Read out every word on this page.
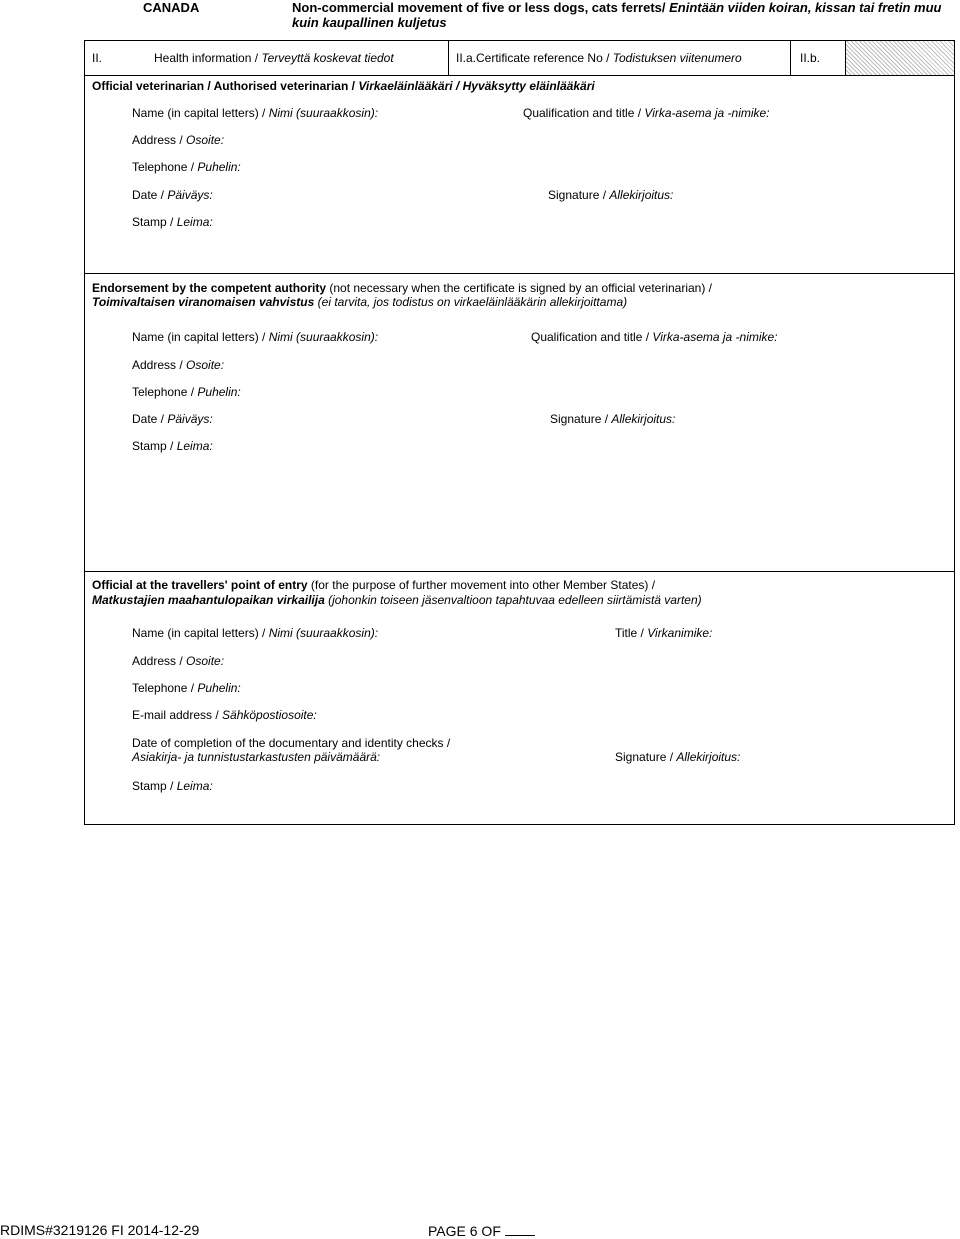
CANADA	Non-commercial movement of five or less dogs, cats ferrets/ Enintään viiden koiran, kissan tai fretin muu
kuin kaupallinen kuljetus
II.	Health information / Terveyttä koskevat tiedot	II.a.Certificate reference No / Todistuksen viitenumero	II.b.
Official veterinarian / Authorised veterinarian / Virkaeläinlääkäri / Hyväksytty eläinlääkäri
Name (in capital letters) / Nimi (suuraakkosin):	Qualification and title / Virka-asema ja -nimike:
Address / Osoite:
Telephone / Puhelin:
Date / Päiväys:	Signature / Allekirjoitus:
Stamp / Leima:
Endorsement by the competent authority (not necessary when the certificate is signed by an official veterinarian) /
Toimivaltaisen viranomaisen vahvistus (ei tarvita, jos todistus on virkaeläinlääkärin allekirjoittama)
Name (in capital letters) / Nimi (suuraakkosin):	Qualification and title / Virka-asema ja -nimike:
Address / Osoite:
Telephone / Puhelin:
Date / Päiväys:	Signature / Allekirjoitus:
Stamp / Leima:
Official at the travellers' point of entry (for the purpose of further movement into other Member States) /
Matkustajien maahantulopaikan virkailija (johonkin toiseen jäsenvaltioon tapahtuvaa edelleen siirtämistä varten)
Name (in capital letters) / Nimi (suuraakkosin):	Title / Virkanimike:
Address / Osoite:
Telephone / Puhelin:
E-mail address / Sähköpostiosoite:
Date of completion of the documentary and identity checks /
Asiakirja- ja tunnistustarkastusten päivämäärä:	Signature / Allekirjoitus:
Stamp / Leima:
RDIMS#3219126 FI 2014-12-29	PAGE 6 OF
